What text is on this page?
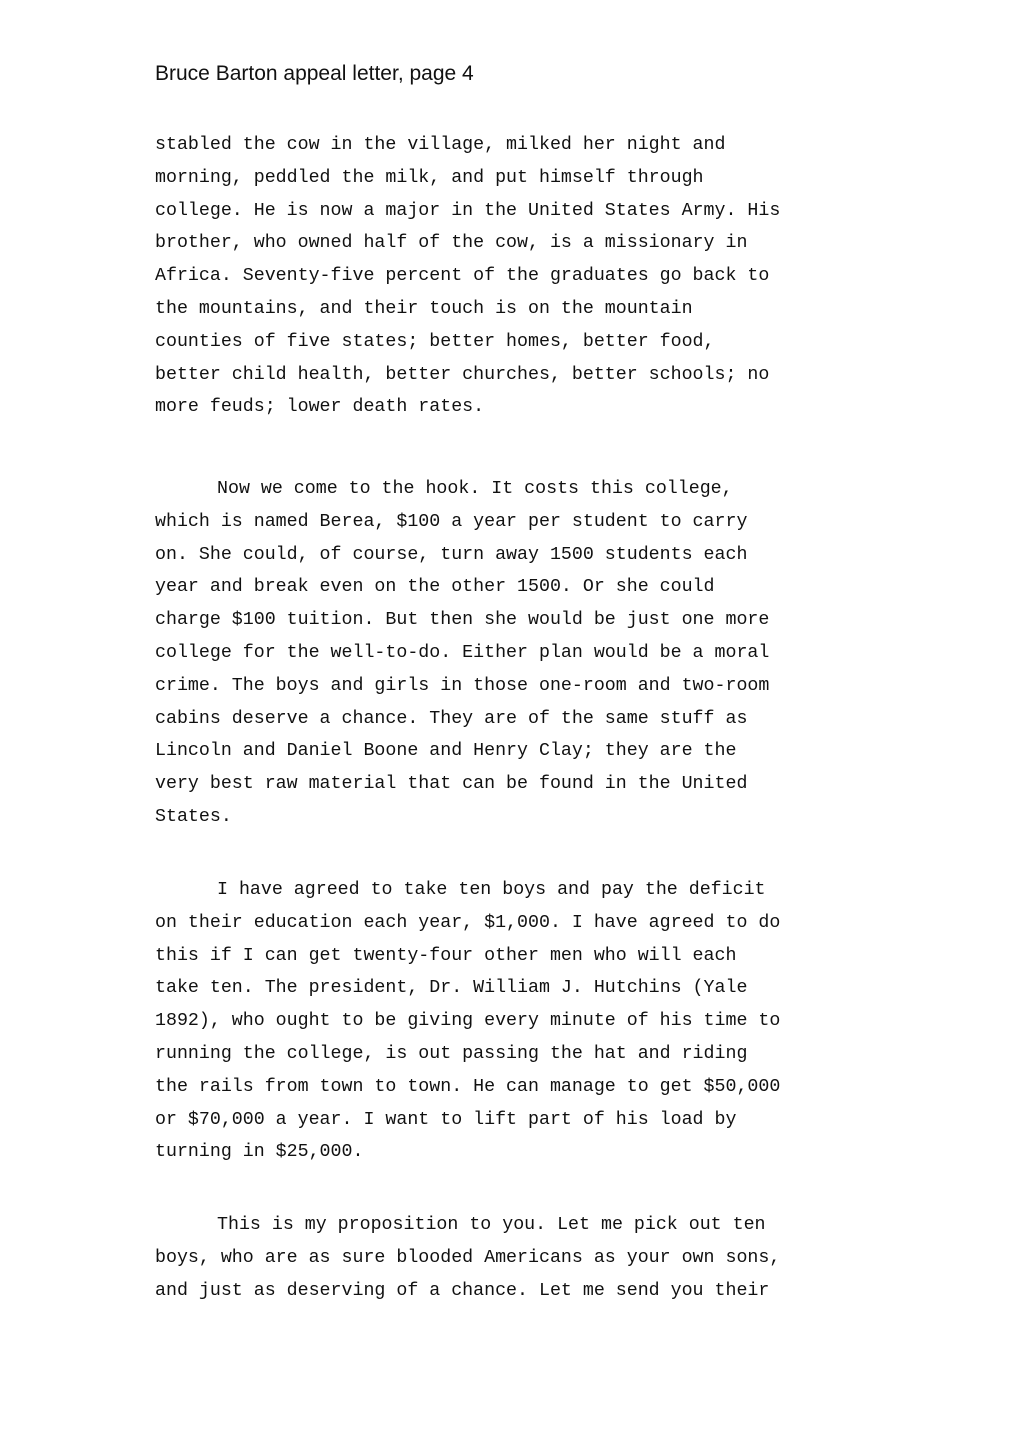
Bruce Barton appeal letter, page 4
stabled the cow in the village, milked her night and
morning, peddled the milk, and put himself through
college. He is now a major in the United States Army. His
brother, who owned half of the cow, is a missionary in
Africa. Seventy-five percent of the graduates go back to
the mountains, and their touch is on the mountain
counties of five states; better homes, better food,
better child health, better churches, better schools; no
more feuds; lower death rates.
Now we come to the hook. It costs this college,
which is named Berea, $100 a year per student to carry
on. She could, of course, turn away 1500 students each
year and break even on the other 1500. Or she could
charge $100 tuition. But then she would be just one more
college for the well-to-do. Either plan would be a moral
crime. The boys and girls in those one-room and two-room
cabins deserve a chance. They are of the same stuff as
Lincoln and Daniel Boone and Henry Clay; they are the
very best raw material that can be found in the United
States.
I have agreed to take ten boys and pay the deficit
on their education each year, $1,000. I have agreed to do
this if I can get twenty-four other men who will each
take ten. The president, Dr. William J. Hutchins (Yale
1892), who ought to be giving every minute of his time to
running the college, is out passing the hat and riding
the rails from town to town. He can manage to get $50,000
or $70,000 a year. I want to lift part of his load by
turning in $25,000.
This is my proposition to you. Let me pick out ten
boys, who are as sure blooded Americans as your own sons,
and just as deserving of a chance. Let me send you their
